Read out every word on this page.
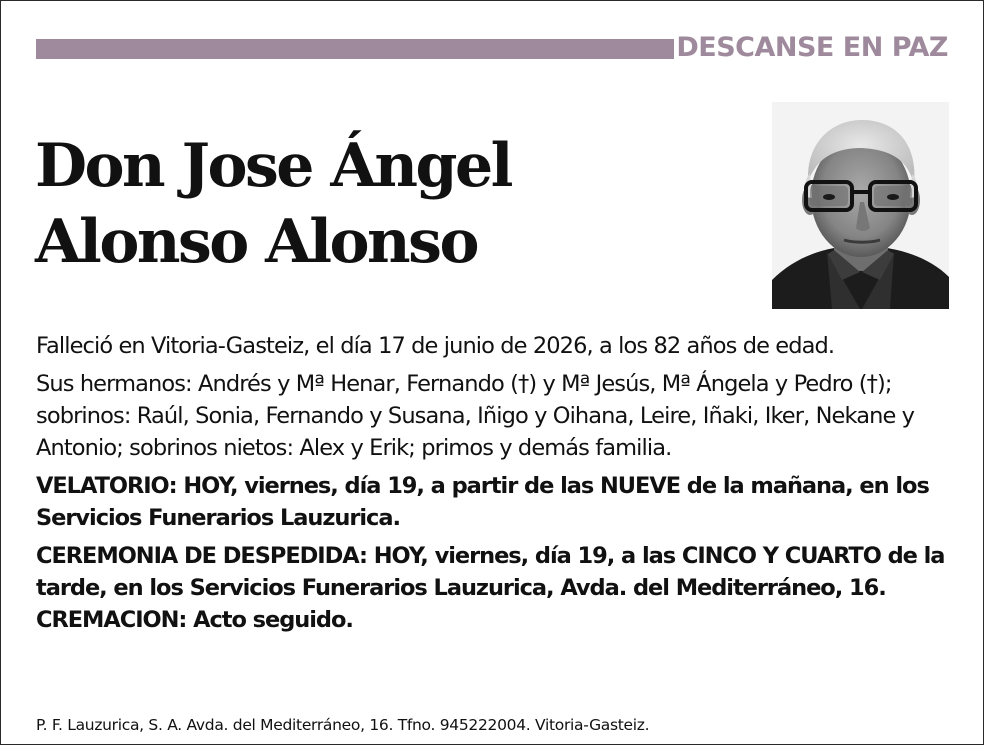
DESCANSE EN PAZ
Don Jose Ángel
Alonso Alonso

Falleció en Vitoria-Gasteiz, el día 17 de junio de 2026, a los 82 años de edad.

Sus hermanos: Andrés y Mª Henar, Fernando (†) y Mª Jesús, Mª Ángela y Pedro (†); sobrinos: Raúl, Sonia, Fernando y Susana, Iñigo y Oihana, Leire, Iñaki, Iker, Nekane y Antonio; sobrinos nietos: Alex y Erik; primos y demás familia.

VELATORIO: HOY, viernes, día 19, a partir de las NUEVE de la mañana, en los Servicios Funerarios Lauzurica.

CEREMONIA DE DESPEDIDA: HOY, viernes, día 19, a las CINCO Y CUARTO de la tarde, en los Servicios Funerarios Lauzurica, Avda. del Mediterráneo, 16. CREMACION: Acto seguido.

P. F. Lauzurica, S. A. Avda. del Mediterráneo, 16. Tfno. 945222004. Vitoria-Gasteiz.
